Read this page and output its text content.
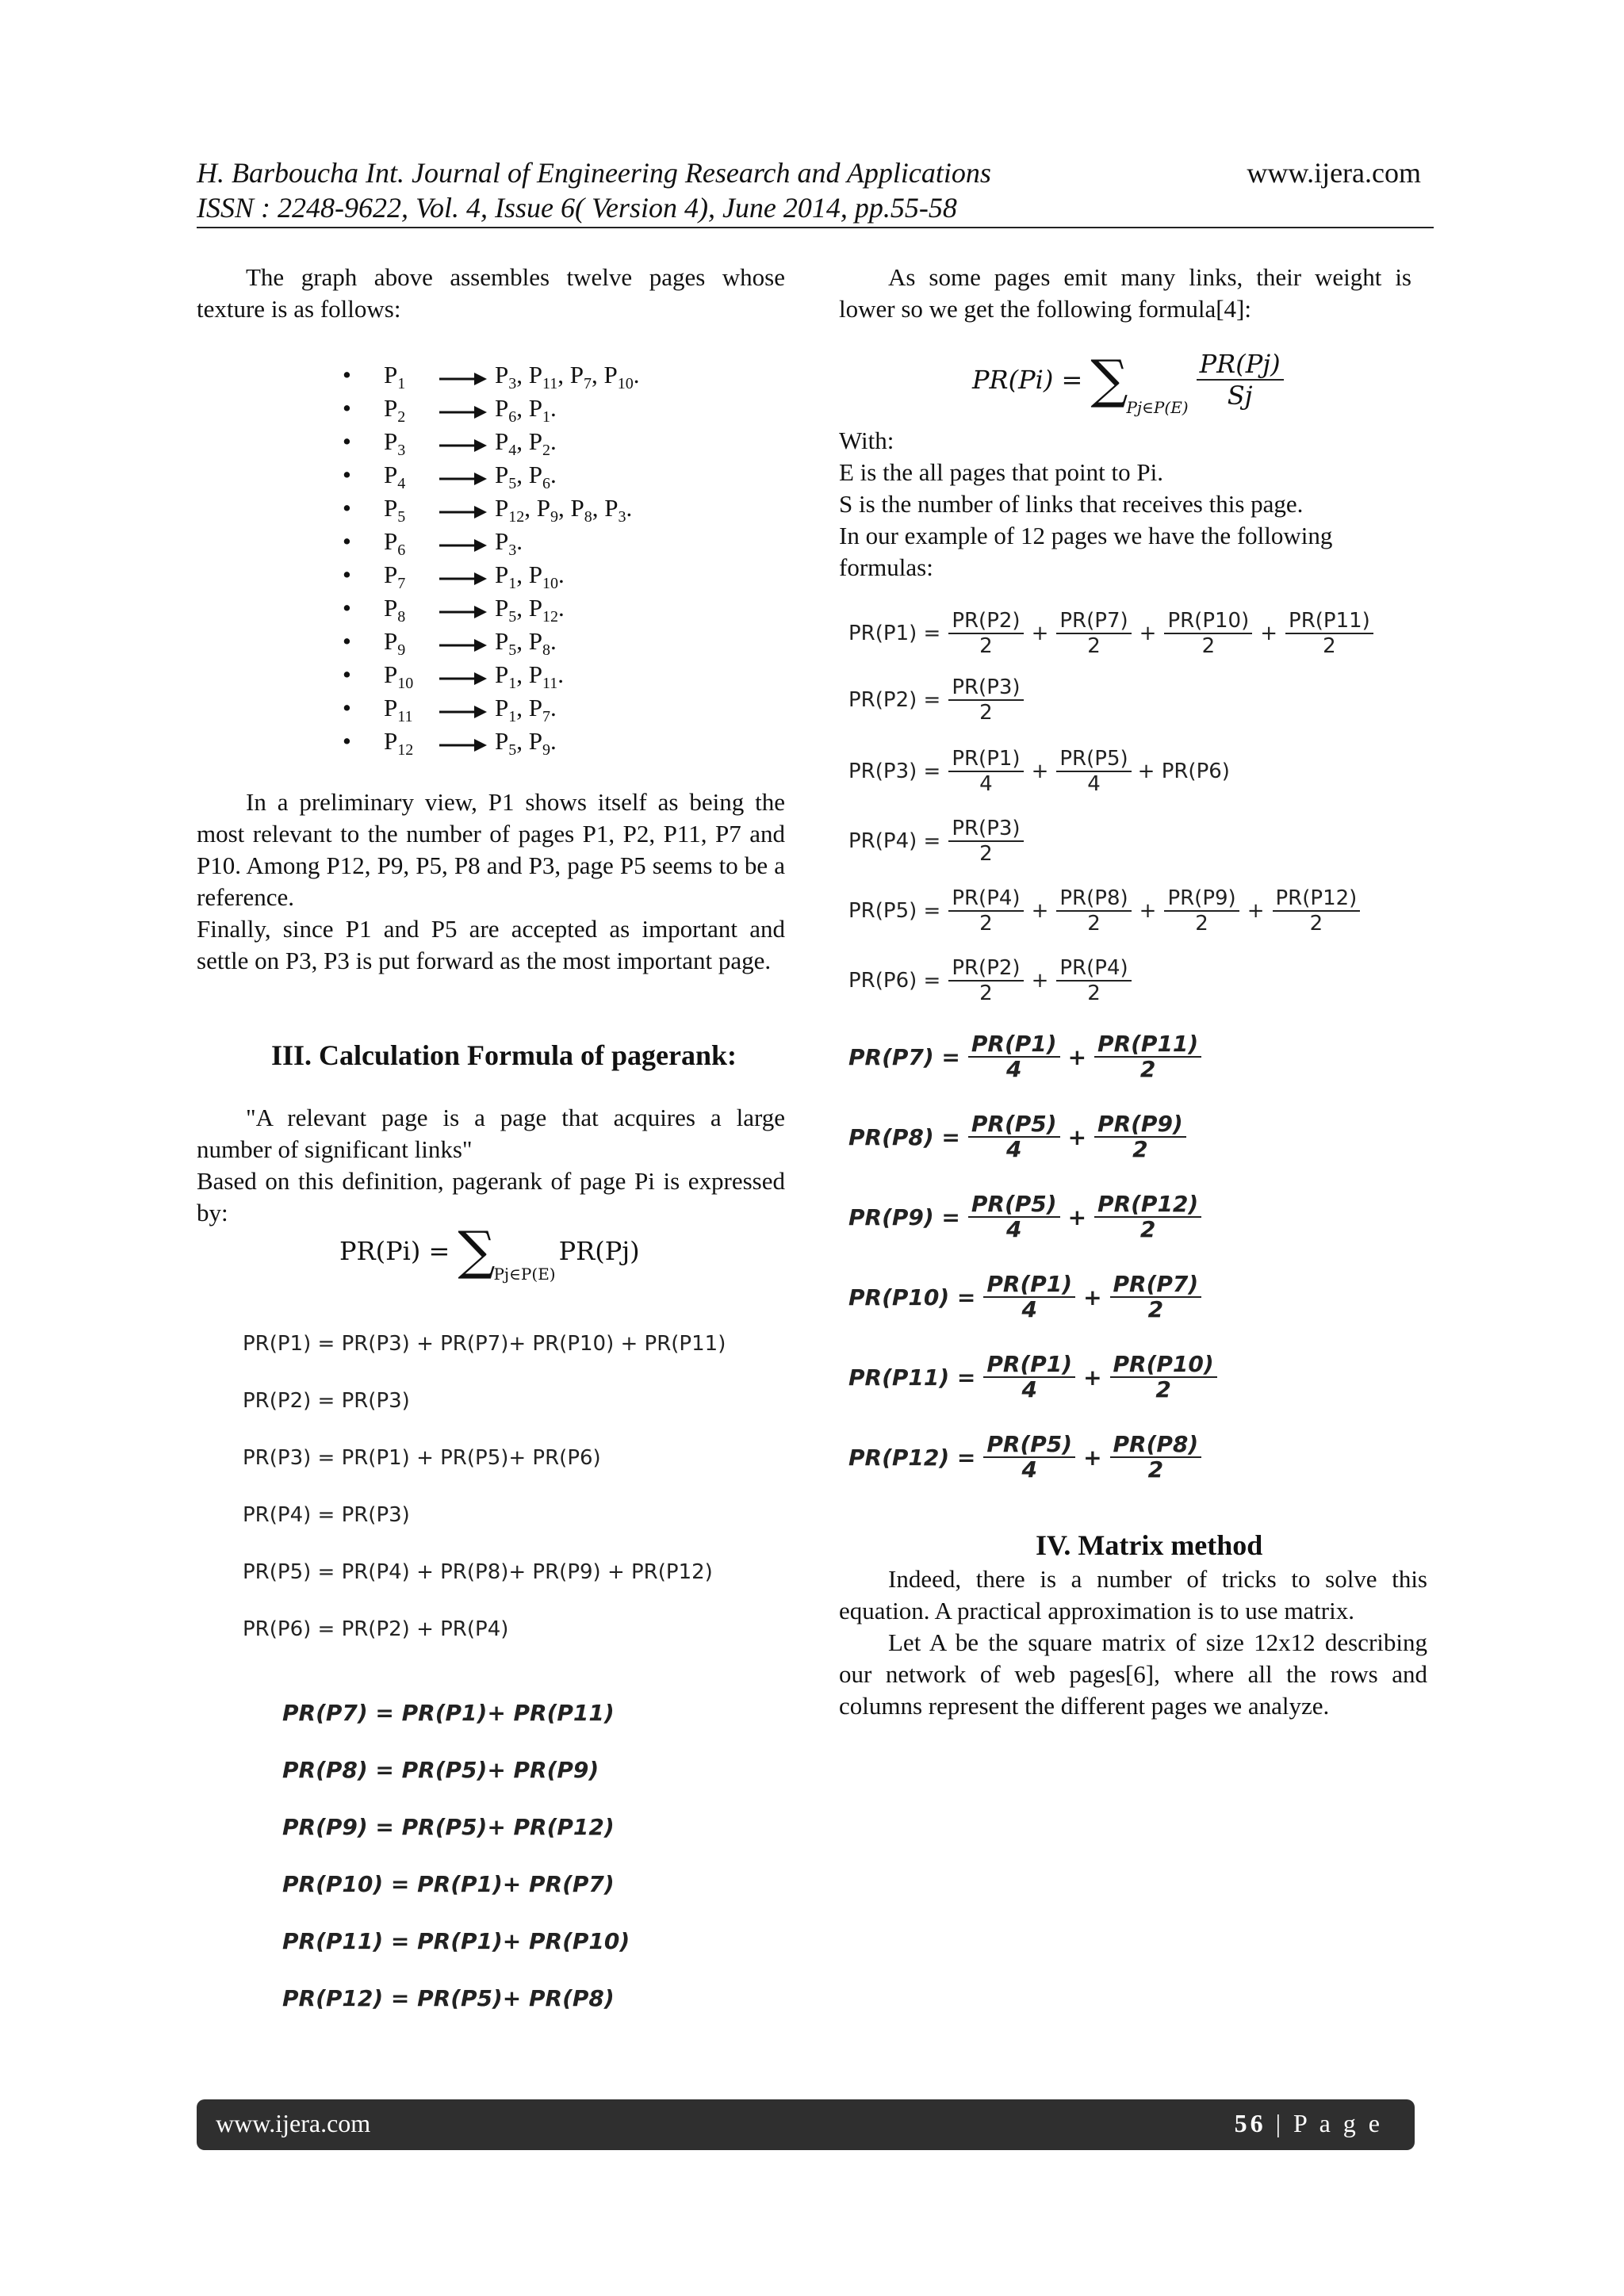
H. Barboucha Int. Journal of Engineering Research and Applications	www.ijera.com
ISSN : 2248-9622, Vol. 4, Issue 6( Version 4), June 2014, pp.55-58
The graph above assembles twelve pages whose texture is as follows:
• $P_1$	$P_3$, $P_{11}$, $P_7$, $P_{10}$.
• $P_2$	$P_6$, $P_1$.
• $P_3$	$P_4$, $P_2$.
• $P_4$	$P_5$, $P_6$.
• $P_5$	$P_{12}$, $P_9$, $P_8$, $P_3$.
• $P_6$	$P_3$.
• $P_7$	$P_1$, $P_{10}$.
• $P_8$	$P_5$, $P_{12}$.
• $P_9$	$P_5$, $P_8$.
• $P_{10}$	$P_1$, $P_{11}$.
• $P_{11}$	$P_1$, $P_7$.
• $P_{12}$	$P_5$, $P_9$.
In a preliminary view, P1 shows itself as being the most relevant to the number of pages P1, P2, P11, P7 and P10. Among P12, P9, P5, P8 and P3, page P5 seems to be a reference.
Finally, since P1 and P5 are accepted as important and settle on P3, P3 is put forward as the most important page.
III. Calculation Formula of pagerank:
"A relevant page is a page that acquires a large number of significant links"
Based on this definition, pagerank of page Pi is expressed by:
PR(Pi) = ∑
Pj∈P(E)
PR(Pj)
PR(P1) = PR(P3) + PR(P7)+ PR(P10) + PR(P11)
PR(P2) = PR(P3)
PR(P3) = PR(P1) + PR(P5)+ PR(P6)
PR(P4) = PR(P3)
PR(P5) = PR(P4) + PR(P8)+ PR(P9) + PR(P12)
PR(P6) = PR(P2) + PR(P4)
PR(P7) = PR(P1)+ PR(P11)
PR(P8) = PR(P5)+ PR(P9)
PR(P9) = PR(P5)+ PR(P12)
PR(P10) = PR(P1)+ PR(P7)
PR(P11) = PR(P1)+ PR(P10)
PR(P12) = PR(P5)+ PR(P8)
As some pages emit many links, their weight is lower so we get the following formula[4]:
PR(Pi) = ∑
Pj∈P(E) $\frac{PR(Pj)}{Sj}$
With:
E is the all pages that point to Pi.
S is the number of links that receives this page.
In our example of 12 pages we have the following formulas:
$PR(P1) = \frac{PR(P2)}{2} + \frac{PR(P7)}{2} + \frac{PR(P10)}{2} + \frac{PR(P11)}{2}$
$PR(P2) = \frac{PR(P3)}{2}$
$PR(P3) = \frac{PR(P1)}{4} + \frac{PR(P5)}{4} + PR(P6)$
$PR(P4) = \frac{PR(P3)}{2}$
$PR(P5) = \frac{PR(P4)}{2} + \frac{PR(P8)}{2} + \frac{PR(P9)}{2} + \frac{PR(P12)}{2}$
$PR(P6) = \frac{PR(P2)}{2} + \frac{PR(P4)}{2}$
$PR(P7) = \frac{PR(P1)}{4} + \frac{PR(P11)}{2}$
$PR(P8) = \frac{PR(P5)}{4} + \frac{PR(P9)}{2}$
$PR(P9) = \frac{PR(P5)}{4} + \frac{PR(P12)}{2}$
$PR(P10) = \frac{PR(P1)}{4} + \frac{PR(P7)}{2}$
$PR(P11) = \frac{PR(P1)}{4} + \frac{PR(P10)}{2}$
$PR(P12) = \frac{PR(P5)}{4} + \frac{PR(P8)}{2}$
IV. Matrix method
Indeed, there is a number of tricks to solve this equation. A practical approximation is to use matrix.
Let A be the square matrix of size 12x12 describing our network of web pages[6], where all the rows and columns represent the different pages we analyze.
www.ijera.com	56 | P a g e
